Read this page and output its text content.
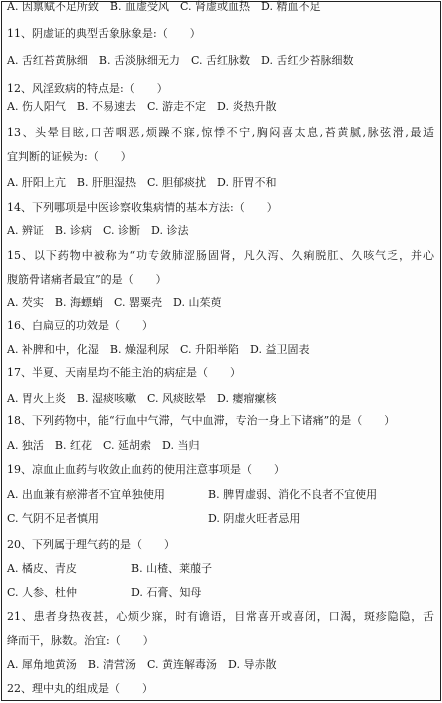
A. 因禀赋不足所致　B. 血虚受风　C. 肾虚或血热　D. 精血不足
11、阴虚证的典型舌象脉象是:（　　）
A. 舌红苔黄脉细　B. 舌淡脉细无力　C. 舌红脉数　D. 舌红少苔脉细数
12、风淫致病的特点是:（　　）
A. 伤人阳气　B. 不易速去　C. 游走不定　D. 炎热升散
13、头晕目眩,口苦咽恶,烦躁不寐,惊悸不宁,胸闷喜太息,苔黄腻,脉弦滑,最适
宜判断的证候为:（　　）
A. 肝阳上亢　B. 肝胆湿热　C. 胆郁痰扰　D. 肝胃不和
14、下列哪项是中医诊察收集病情的基本方法:（　　）
A. 辨证　B. 诊病　C. 诊断　D. 诊法
15、以下药物中被称为“功专敛肺涩肠固肾，凡久泻、久痢脱肛、久咳气乏，并心
腹筋骨诸痛者最宜”的是（　　）
A. 芡实　B. 海螵蛸　C. 罂粟壳　D. 山茱萸
16、白扁豆的功效是（　　）
A. 补脾和中，化湿　B. 燥湿利尿　C. 升阳举陷　D. 益卫固表
17、半夏、天南星均不能主治的病症是（　　）
A. 胃火上炎　B. 湿痰咳嗽　C. 风痰眩晕　D. 瘿瘤瘰核
18、下列药物中，能“行血中气滞，气中血滞，专治一身上下诸痛”的是（　　）
A. 独活　B. 红花　C. 延胡索　D. 当归
19、凉血止血药与收敛止血药的使用注意事项是（　　）
A. 出血兼有瘀滞者不宜单独使用	B. 脾胃虚弱、消化不良者不宜使用
C. 气阴不足者慎用	D. 阴虚火旺者忌用
20、下列属于理气药的是（　　）
A. 橘皮、青皮	B. 山楂、莱菔子
C. 人参、杜仲	D. 石膏、知母
21、患者身热夜甚，心烦少寐，时有谵语，目常喜开或喜闭，口渴，斑疹隐隐，舌
绛而干，脉数。治宜:（　　）
A. 犀角地黄汤　B. 清营汤　C. 黄连解毒汤　D. 导赤散
22、理中丸的组成是（　　）
